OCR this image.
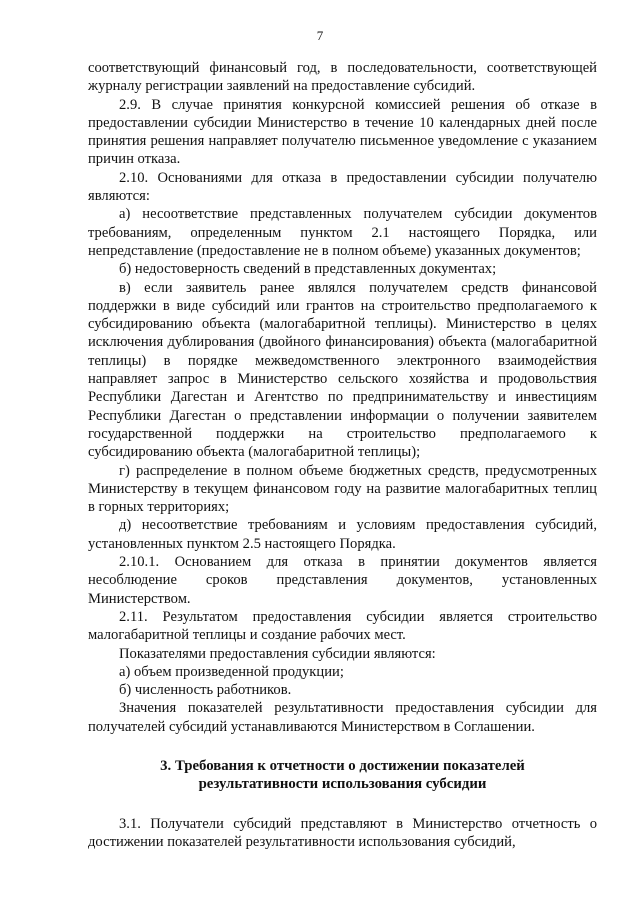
7

соответствующий финансовый год, в последовательности, соответствующей журналу регистрации заявлений на предоставление субсидий.

2.9. В случае принятия конкурсной комиссией решения об отказе в предоставлении субсидии Министерство в течение 10 календарных дней после принятия решения направляет получателю письменное уведомление с указанием причин отказа.

2.10. Основаниями для отказа в предоставлении субсидии получателю являются:

а) несоответствие представленных получателем субсидии документов требованиям, определенным пунктом 2.1 настоящего Порядка, или непредставление (предоставление не в полном объеме) указанных документов;

б) недостоверность сведений в представленных документах;

в) если заявитель ранее являлся получателем средств финансовой поддержки в виде субсидий или грантов на строительство предполагаемого к субсидированию объекта (малогабаритной теплицы). Министерство в целях исключения дублирования (двойного финансирования) объекта (малогабаритной теплицы) в порядке межведомственного электронного взаимодействия направляет запрос в Министерство сельского хозяйства и продовольствия Республики Дагестан и Агентство по предпринимательству и инвестициям Республики Дагестан о представлении информации о получении заявителем государственной поддержки на строительство предполагаемого к субсидированию объекта (малогабаритной теплицы);

г) распределение в полном объеме бюджетных средств, предусмотренных Министерству в текущем финансовом году на развитие малогабаритных теплиц в горных территориях;

д) несоответствие требованиям и условиям предоставления субсидий, установленных пунктом 2.5 настоящего Порядка.

2.10.1. Основанием для отказа в принятии документов является несоблюдение сроков представления документов, установленных Министерством.

2.11. Результатом предоставления субсидии является строительство малогабаритной теплицы и создание рабочих мест.

Показателями предоставления субсидии являются:

а) объем произведенной продукции;

б) численность работников.

Значения показателей результативности предоставления субсидии для получателей субсидий устанавливаются Министерством в Соглашении.

3. Требования к отчетности о достижении показателей
результативности использования субсидии

3.1. Получатели субсидий представляют в Министерство отчетность о достижении показателей результативности использования субсидий,
